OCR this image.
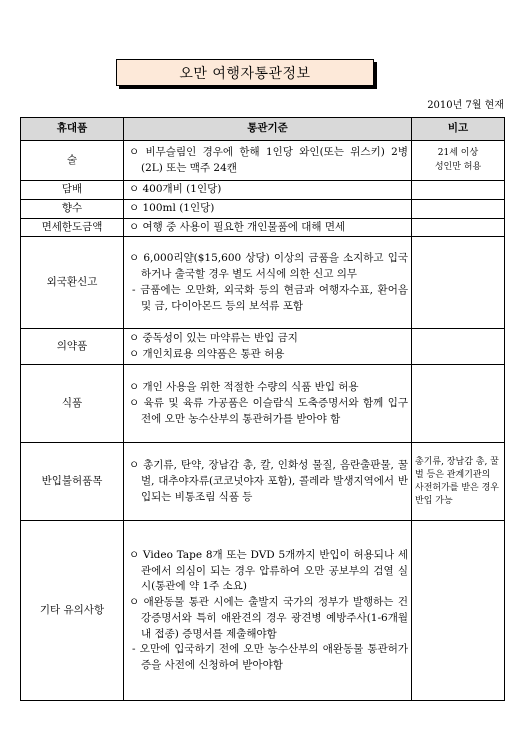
오만 여행자통관정보
2010년 7월 현재
휴대품	통관기준	비고
술	ㅇ 비무슬림인 경우에 한해 1인당 와인(또는 위스키) 2병(2L) 또는 맥주 24캔	21세 이상
성인만 허용

담배	ㅇ 400개비 (1인당)	

향수	ㅇ 100ml (1인당)	

면세한도금액	ㅇ 여행 중 사용이 필요한 개인물품에 대해 면세	

외국환신고	ㅇ 6,000리얄($15,600 상당) 이상의 금품을 소지하고 입국하거나 출국할 경우 별도 서식에 의한 신고 의무
- 금품에는 오만화, 외국화 등의 현금과 여행자수표, 환어음 및 금, 다이아몬드 등의 보석류 포함	

의약품	ㅇ 중독성이 있는 마약류는 반입 금지
ㅇ 개인치료용 의약품은 통관 허용	

식품	ㅇ 개인 사용을 위한 적절한 수량의 식품 반입 허용
ㅇ 육류 및 육류 가공품은 이슬람식 도축증명서와 함께 입구전에 오만 농수산부의 통관허가를 받아야 함	

반입불허품목	ㅇ 총기류, 탄약, 장남감 총, 칼, 인화성 물질, 음란출판물, 꿀벌, 대추야자류(코코넛야자 포함), 콜레라 발생지역에서 반입되는 비통조림 식품 등	총기류, 장남감 총, 꿀벌 등은 관계기관의 사전허가를 받은 경우 반입 가능

기타 유의사항	ㅇ Video Tape 8개 또는 DVD 5개까지 반입이 허용되나 세관에서 의심이 되는 경우 압류하여 오만 공보부의 검열 실시(통관에 약 1주 소요)
ㅇ 애완동물 통관 시에는 출발지 국가의 정부가 발행하는 건강증명서와 특히 애완견의 경우 광견병 예방주사(1-6개월 내 접종) 증명서를 제출해야함
- 오만에 입국하기 전에 오만 농수산부의 애완동물 통관허가증을 사전에 신청하여 받아야함	
